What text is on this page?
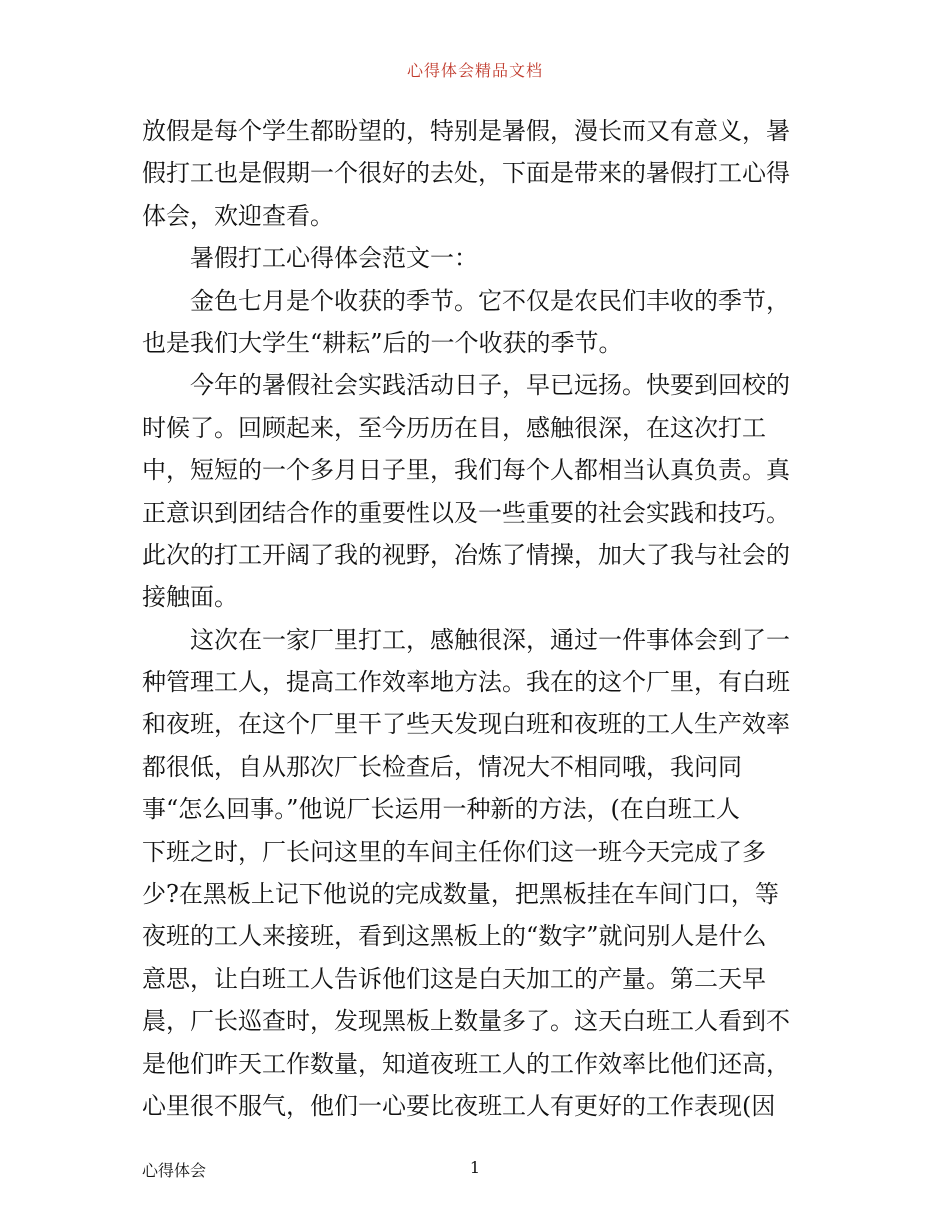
心得体会精品文档
放假是每个学生都盼望的，特别是暑假，漫长而又有意义，暑
假打工也是假期一个很好的去处，下面是带来的暑假打工心得
体会，欢迎查看。
暑假打工心得体会范文一：
金色七月是个收获的季节。它不仅是农民们丰收的季节，
也是我们大学生“耕耘”后的一个收获的季节。
今年的暑假社会实践活动日子，早已远扬。快要到回校的
时候了。回顾起来，至今历历在目，感触很深，在这次打工
中，短短的一个多月日子里，我们每个人都相当认真负责。真
正意识到团结合作的重要性以及一些重要的社会实践和技巧。
此次的打工开阔了我的视野，冶炼了情操，加大了我与社会的
接触面。
这次在一家厂里打工，感触很深，通过一件事体会到了一
种管理工人，提高工作效率地方法。我在的这个厂里，有白班
和夜班，在这个厂里干了些天发现白班和夜班的工人生产效率
都很低，自从那次厂长检查后，情况大不相同哦，我问同
事“怎么回事。”他说厂长运用一种新的方法，(在白班工人
下班之时，厂长问这里的车间主任你们这一班今天完成了多
少?在黑板上记下他说的完成数量，把黑板挂在车间门口，等
夜班的工人来接班，看到这黑板上的“数字”就问别人是什么
意思，让白班工人告诉他们这是白天加工的产量。第二天早
晨，厂长巡查时，发现黑板上数量多了。这天白班工人看到不
是他们昨天工作数量，知道夜班工人的工作效率比他们还高，
心里很不服气，他们一心要比夜班工人有更好的工作表现(因
心得体会	1
